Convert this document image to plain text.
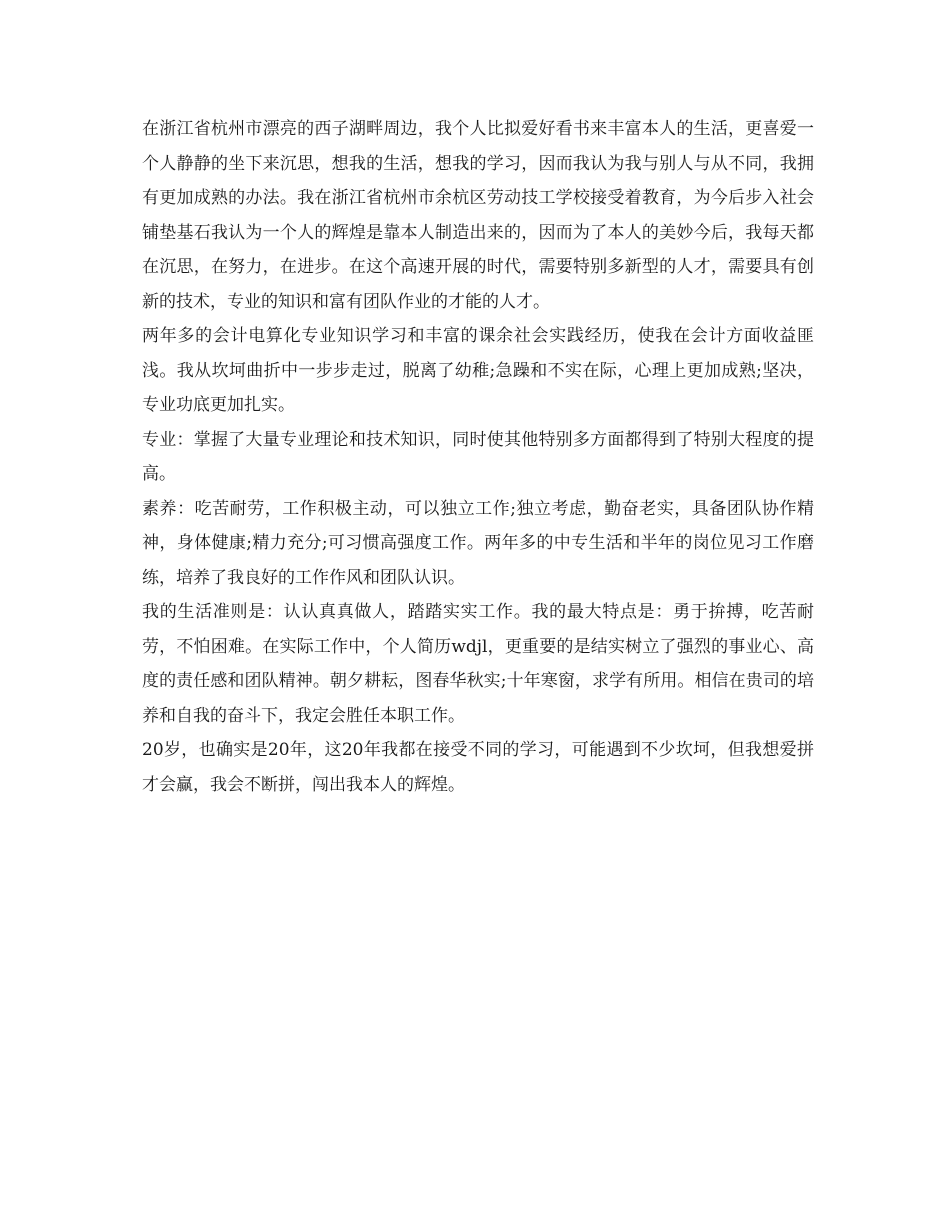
在浙江省杭州市漂亮的西子湖畔周边，我个人比拟爱好看书来丰富本人的生活，更喜爱一个人静静的坐下来沉思，想我的生活，想我的学习，因而我认为我与别人与从不同，我拥有更加成熟的办法。我在浙江省杭州市余杭区劳动技工学校接受着教育，为今后步入社会铺垫基石我认为一个人的辉煌是靠本人制造出来的，因而为了本人的美妙今后，我每天都在沉思，在努力，在进步。在这个高速开展的时代，需要特别多新型的人才，需要具有创新的技术，专业的知识和富有团队作业的才能的人才。

两年多的会计电算化专业知识学习和丰富的课余社会实践经历，使我在会计方面收益匪浅。我从坎坷曲折中一步步走过，脱离了幼稚;急躁和不实在际，心理上更加成熟;坚决，专业功底更加扎实。

专业：掌握了大量专业理论和技术知识，同时使其他特别多方面都得到了特别大程度的提高。

素养：吃苦耐劳，工作积极主动，可以独立工作;独立考虑，勤奋老实，具备团队协作精神，身体健康;精力充分;可习惯高强度工作。两年多的中专生活和半年的岗位见习工作磨练，培养了我良好的工作作风和团队认识。

我的生活准则是：认认真真做人，踏踏实实工作。我的最大特点是：勇于拚搏，吃苦耐劳，不怕困难。在实际工作中，个人简历wdjl，更重要的是结实树立了强烈的事业心、高度的责任感和团队精神。朝夕耕耘，图春华秋实;十年寒窗，求学有所用。相信在贵司的培养和自我的奋斗下，我定会胜任本职工作。

20岁，也确实是20年，这20年我都在接受不同的学习，可能遇到不少坎坷，但我想爱拼才会赢，我会不断拼，闯出我本人的辉煌。
